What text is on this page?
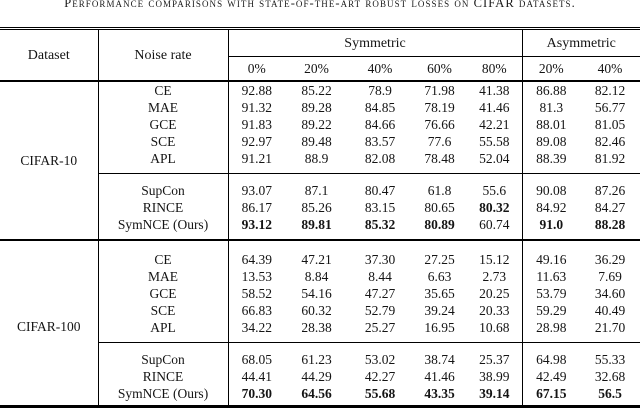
Performance comparisons with state-of-the-art robust losses on CIFAR datasets.
Dataset	Noise rate	Symmetric					Asymmetric	
		0%	20%	40%	60%	80%	20%	40%
CIFAR-10	CE	92.88	85.22	78.9	71.98	41.38	86.88	82.12
	MAE	91.32	89.28	84.85	78.19	41.46	81.3	56.77
	GCE	91.83	89.22	84.66	76.66	42.21	88.01	81.05
	SCE	92.97	89.48	83.57	77.6	55.58	89.08	82.46
	APL	91.21	88.9	82.08	78.48	52.04	88.39	81.92

	SupCon	93.07	87.1	80.47	61.8	55.6	90.08	87.26
	RINCE	86.17	85.26	83.15	80.65	80.32	84.92	84.27
	SymNCE (Ours)	93.12	89.81	85.32	80.89	60.74	91.0	88.28

CIFAR-100	CE	64.39	47.21	37.30	27.25	15.12	49.16	36.29
	MAE	13.53	8.84	8.44	6.63	2.73	11.63	7.69
	GCE	58.52	54.16	47.27	35.65	20.25	53.79	34.60
	SCE	66.83	60.32	52.79	39.24	20.33	59.29	40.49
	APL	34.22	28.38	25.27	16.95	10.68	28.98	21.70

	SupCon	68.05	61.23	53.02	38.74	25.37	64.98	55.33
	RINCE	44.41	44.29	42.27	41.46	38.99	42.49	32.68
	SymNCE (Ours)	70.30	64.56	55.68	43.35	39.14	67.15	56.5
